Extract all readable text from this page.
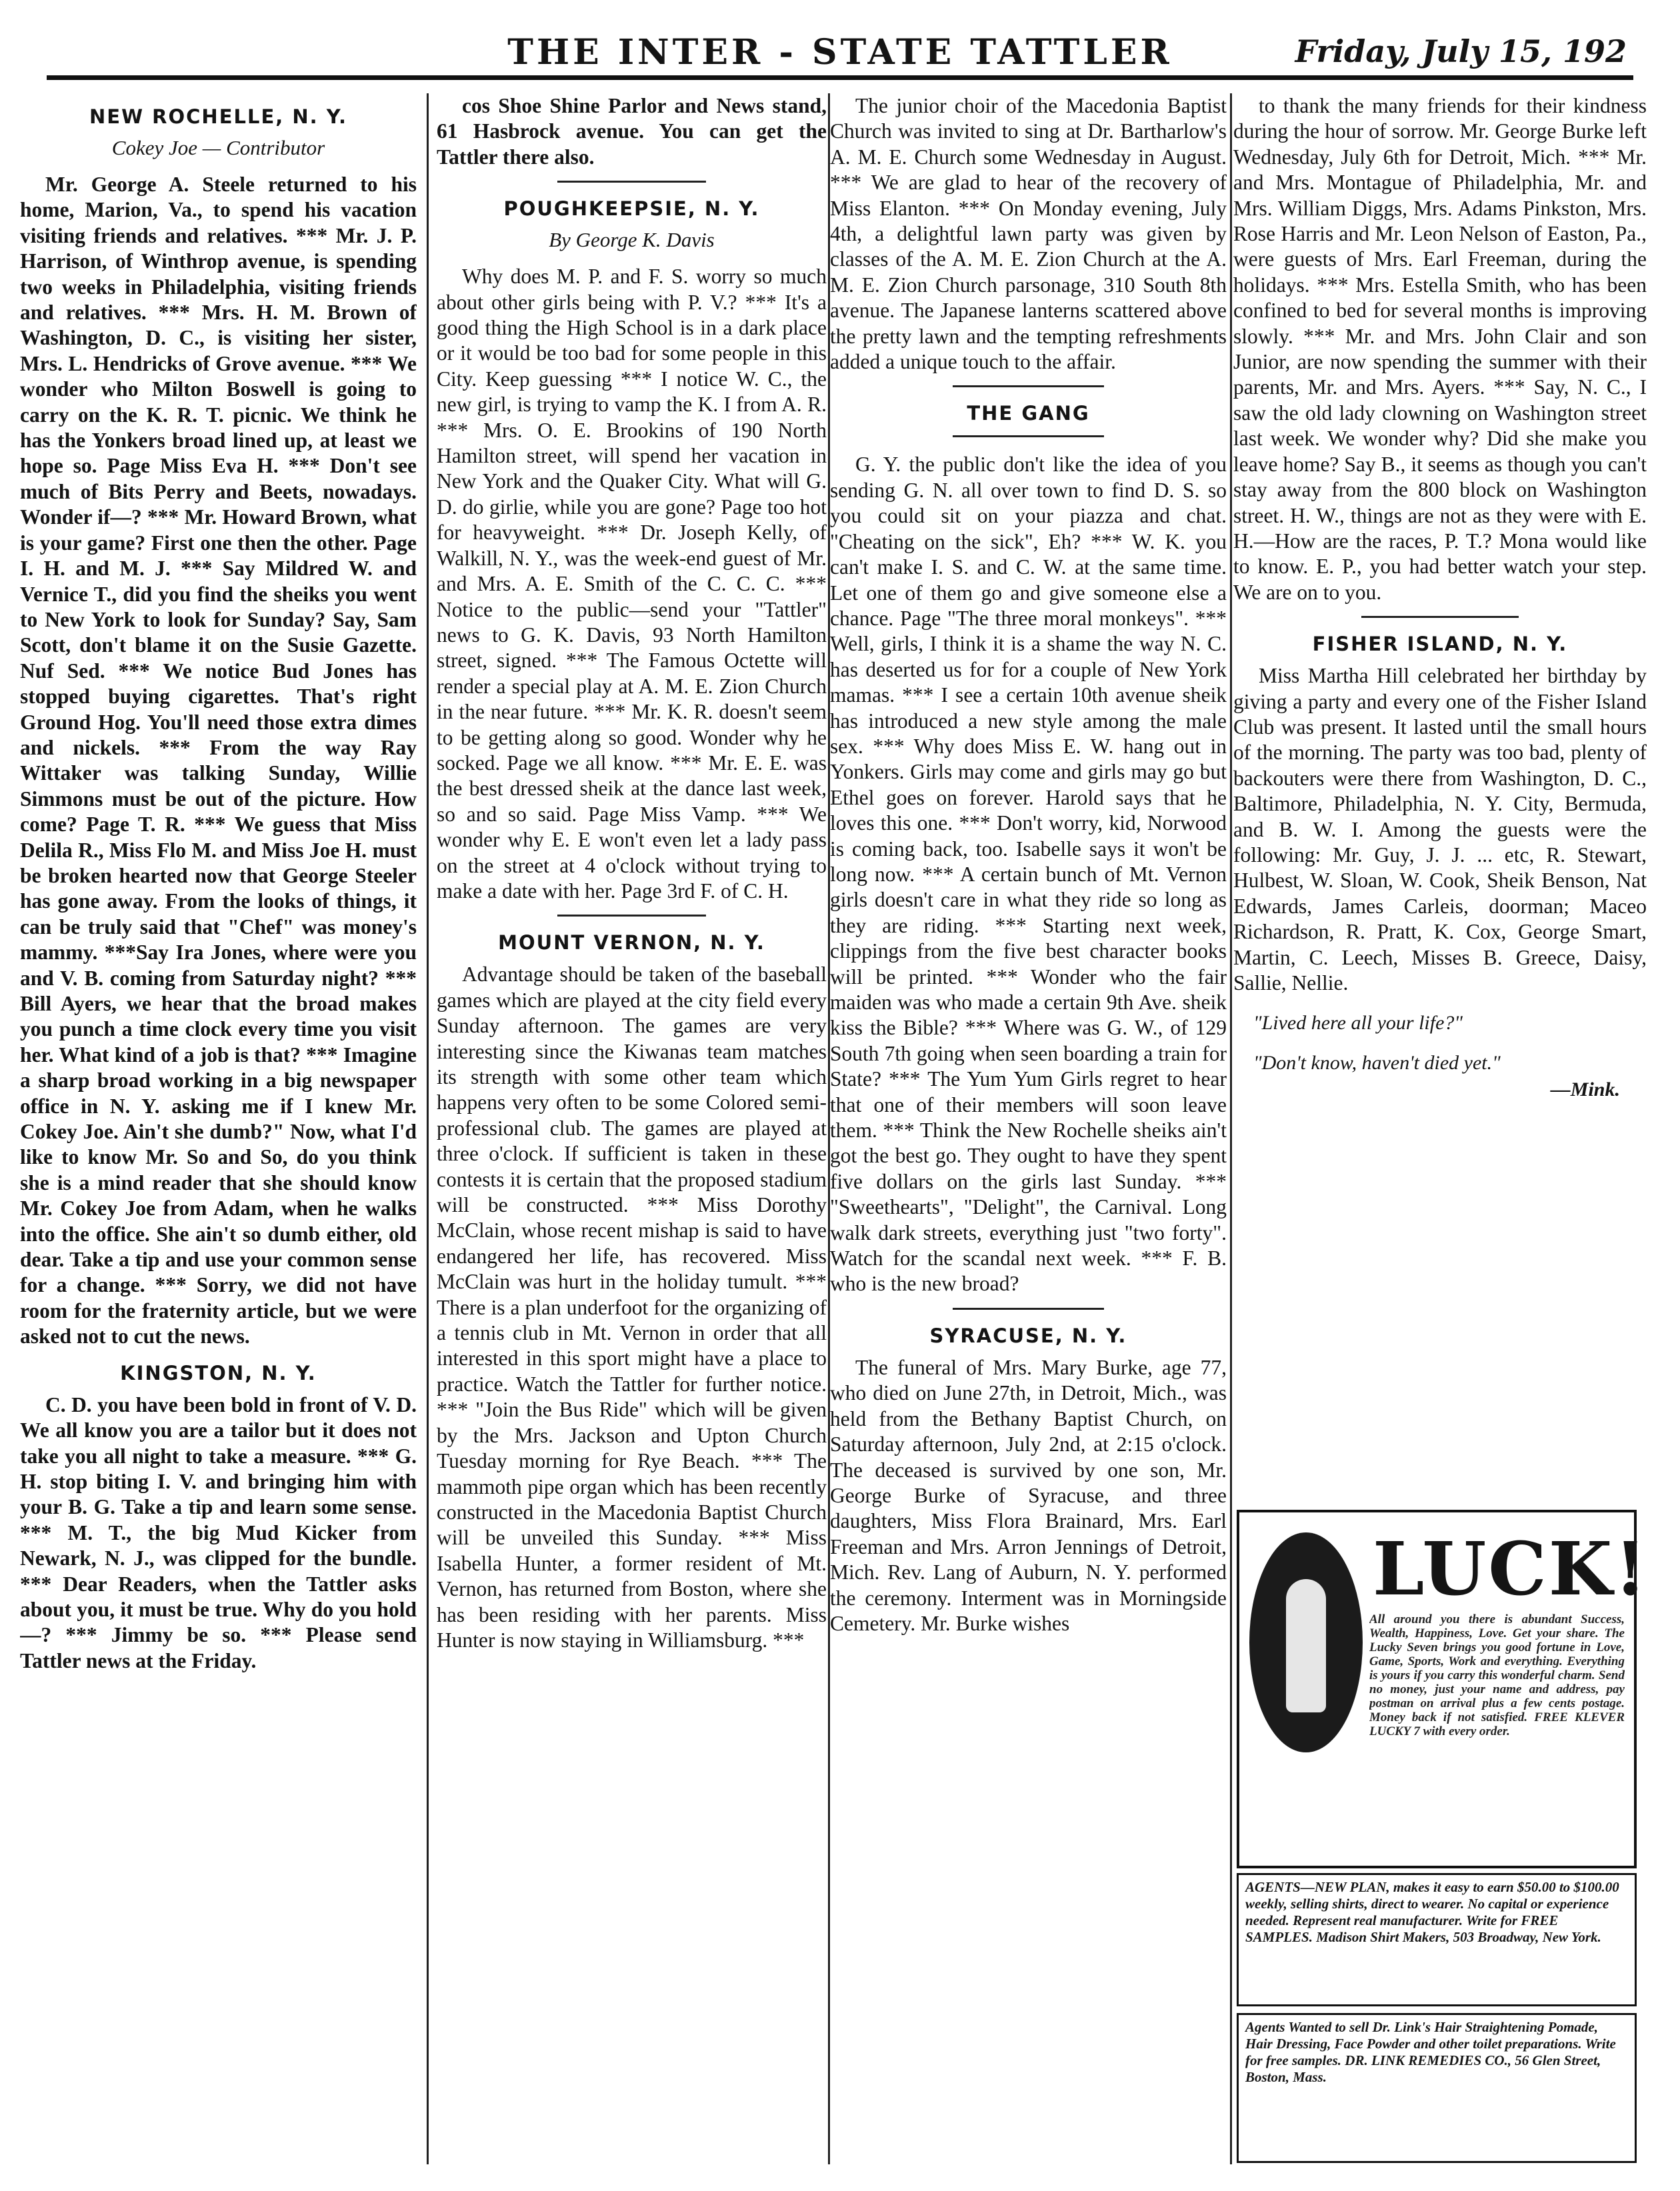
THE INTER - STATE TATTLER	Friday, July 15, 192
NEW ROCHELLE, N. Y.
Cokey Joe — Contributor

Mr. George A. Steele returned to his home, Marion, Va., to spend his vacation visiting friends and relatives. *** Mr. J. P. Harrison, of Winthrop avenue, is spending two weeks in Philadelphia, visiting friends and relatives. *** Mrs. H. M. Brown of Washington, D. C., is visiting her sister, Mrs. L. Hendricks of Grove avenue. *** We wonder who Milton Boswell is going to carry on the K. R. T. picnic. We think he has the Yonkers broad lined up, at least we hope so. Page Miss Eva H. *** Don't see much of Bits Perry and Beets, nowadays. Wonder if—? *** Mr. Howard Brown, what is your game? First one then the other. Page I. H. and M. J. *** Say Mildred W. and Vernice T., did you find the sheiks you went to New York to look for Sunday? Say, Sam Scott, don't blame it on the Susie Gazette. Nuf Sed. *** We notice Bud Jones has stopped buying cigarettes. That's right Ground Hog. You'll need those extra dimes and nickels. *** From the way Ray Wittaker was talking Sunday, Willie Simmons must be out of the picture. How come? Page T. R. *** We guess that Miss Delila R., Miss Flo M. and Miss Joe H. must be broken hearted now that George Steeler has gone away. From the looks of things, it can be truly said that "Chef" was money's mammy. ***Say Ira Jones, where were you and V. B. coming from Saturday night? *** Bill Ayers, we hear that the broad makes you punch a time clock every time you visit her. What kind of a job is that? *** Imagine a sharp broad working in a big newspaper office in N. Y. asking me if I knew Mr. Cokey Joe. Ain't she dumb?" Now, what I'd like to know Mr. So and So, do you think she is a mind reader that she should know Mr. Cokey Joe from Adam, when he walks into the office. She ain't so dumb either, old dear. Take a tip and use your common sense for a change. *** Sorry, we did not have room for the fraternity article, but we were asked not to cut the news.

KINGSTON, N. Y.

C. D. you have been bold in front of V. D. We all know you are a tailor but it does not take you all night to take a measure. *** G. H. stop biting I. V. and bringing him with your B. G. Take a tip and learn some sense. *** M. T., the big Mud Kicker from Newark, N. J., was clipped for the bundle. *** Dear Readers, when the Tattler asks about you, it must be true. Why do you hold—? *** Jimmy be so. *** Please send Tattler news at the Friday.

cos Shoe Shine Parlor and News stand, 61 Hasbrock avenue. You can get the Tattler there also.

POUGHKEEPSIE, N. Y.
By George K. Davis

Why does M. P. and F. S. worry so much about other girls being with P. V.? *** It's a good thing the High School is in a dark place or it would be too bad for some people in this City. Keep guessing *** I notice W. C., the new girl, is trying to vamp the K. I from A. R. *** Mrs. O. E. Brookins of 190 North Hamilton street, will spend her vacation in New York and the Quaker City. What will G. D. do girlie, while you are gone? Page too hot for heavyweight. *** Dr. Joseph Kelly, of Walkill, N. Y., was the week-end guest of Mr. and Mrs. A. E. Smith of the C. C. C. *** Notice to the public—send your "Tattler" news to G. K. Davis, 93 North Hamilton street, signed. *** The Famous Octette will render a special play at A. M. E. Zion Church in the near future. *** Mr. K. R. doesn't seem to be getting along so good. Wonder why he socked. Page we all know. *** Mr. E. E. was the best dressed sheik at the dance last week, so and so said. Page Miss Vamp. *** We wonder why E. E won't even let a lady pass on the street at 4 o'clock without trying to make a date with her. Page 3rd F. of C. H.

MOUNT VERNON, N. Y.

Advantage should be taken of the baseball games which are played at the city field every Sunday afternoon. The games are very interesting since the Kiwanas team matches its strength with some other team which happens very often to be some Colored semi-professional club. The games are played at three o'clock. If sufficient is taken in these contests it is certain that the proposed stadium will be constructed. *** Miss Dorothy McClain, whose recent mishap is said to have endangered her life, has recovered. Miss McClain was hurt in the holiday tumult. *** There is a plan underfoot for the organizing of a tennis club in Mt. Vernon in order that all interested in this sport might have a place to practice. Watch the Tattler for further notice. *** "Join the Bus Ride" which will be given by the Mrs. Jackson and Upton Church Tuesday morning for Rye Beach. *** The mammoth pipe organ which has been recently constructed in the Macedonia Baptist Church will be unveiled this Sunday. *** Miss Isabella Hunter, a former resident of Mt. Vernon, has returned from Boston, where she has been residing with her parents. Miss Hunter is now staying in Williamsburg. ***

The junior choir of the Macedonia Baptist Church was invited to sing at Dr. Bartharlow's A. M. E. Church some Wednesday in August. *** We are glad to hear of the recovery of Miss Elanton. *** On Monday evening, July 4th, a delightful lawn party was given by classes of the A. M. E. Zion Church at the A. M. E. Zion Church parsonage, 310 South 8th avenue. The Japanese lanterns scattered above the pretty lawn and the tempting refreshments added a unique touch to the affair.

THE GANG

G. Y. the public don't like the idea of you sending G. N. all over town to find D. S. so you could sit on your piazza and chat. "Cheating on the sick", Eh? *** W. K. you can't make I. S. and C. W. at the same time. Let one of them go and give someone else a chance. Page "The three moral monkeys". *** Well, girls, I think it is a shame the way N. C. has deserted us for for a couple of New York mamas. *** I see a certain 10th avenue sheik has introduced a new style among the male sex. *** Why does Miss E. W. hang out in Yonkers. Girls may come and girls may go but Ethel goes on forever. Harold says that he loves this one. *** Don't worry, kid, Norwood is coming back, too. Isabelle says it won't be long now. *** A certain bunch of Mt. Vernon girls doesn't care in what they ride so long as they are riding. *** Starting next week, clippings from the five best character books will be printed. *** Wonder who the fair maiden was who made a certain 9th Ave. sheik kiss the Bible? *** Where was G. W., of 129 South 7th going when seen boarding a train for State? *** The Yum Yum Girls regret to hear that one of their members will soon leave them. *** Think the New Rochelle sheiks ain't got the best go. They ought to have they spent five dollars on the girls last Sunday. *** "Sweethearts", "Delight", the Carnival. Long walk dark streets, everything just "two forty". Watch for the scandal next week. *** F. B. who is the new broad?

SYRACUSE, N. Y.

The funeral of Mrs. Mary Burke, age 77, who died on June 27th, in Detroit, Mich., was held from the Bethany Baptist Church, on Saturday afternoon, July 2nd, at 2:15 o'clock. The deceased is survived by one son, Mr. George Burke of Syracuse, and three daughters, Miss Flora Brainard, Mrs. Earl Freeman and Mrs. Arron Jennings of Detroit, Mich. Rev. Lang of Auburn, N. Y. performed the ceremony. Interment was in Morningside Cemetery. Mr. Burke wishes

to thank the many friends for their kindness during the hour of sorrow. Mr. George Burke left Wednesday, July 6th for Detroit, Mich. *** Mr. and Mrs. Montague of Philadelphia, Mr. and Mrs. William Diggs, Mrs. Adams Pinkston, Mrs. Rose Harris and Mr. Leon Nelson of Easton, Pa., were guests of Mrs. Earl Freeman, during the holidays. *** Mrs. Estella Smith, who has been confined to bed for several months is improving slowly. *** Mr. and Mrs. John Clair and son Junior, are now spending the summer with their parents, Mr. and Mrs. Ayers. *** Say, N. C., I saw the old lady clowning on Washington street last week. We wonder why? Did she make you leave home? Say B., it seems as though you can't stay away from the 800 block on Washington street. H. W., things are not as they were with E. H.—How are the races, P. T.? Mona would like to know. E. P., you had better watch your step. We are on to you.

FISHER ISLAND, N. Y.

Miss Martha Hill celebrated her birthday by giving a party and every one of the Fisher Island Club was present. It lasted until the small hours of the morning. The party was too bad, plenty of backouters were there from Washington, D. C., Baltimore, Philadelphia, N. Y. City, Bermuda, and B. W. I. Among the guests were the following: Mr. Guy, J. J. ... etc, R. Stewart, Hulbest, W. Sloan, W. Cook, Sheik Benson, Nat Edwards, James Carleis, doorman; Maceo Richardson, R. Pratt, K. Cox, George Smart, Martin, C. Leech, Misses B. Greece, Daisy, Sallie, Nellie.

"Lived here all your life?"
"Don't know, haven't died yet."
—Mink.
LUCK!
All around you there is abundant Success, Wealth, Happiness, Love. Get your share. The Lucky Seven brings you good fortune in Love, Game, Sports, Work and everything. Everything is yours if you carry this wonderful charm. Send no money, just your name and address, pay postman on arrival plus a few cents postage. Money back if not satisfied. FREE KLEVER LUCKY 7 with every order.
AGENTS—NEW PLAN, makes it easy to earn $50.00 to $100.00 weekly, selling shirts, direct to wearer. No capital or experience needed. Represent real manufacturer. Write for FREE SAMPLES. Madison Shirt Makers, 503 Broadway, New York.
Agents Wanted to sell Dr. Link's Hair Straightening Pomade, Hair Dressing, Face Powder and other toilet preparations. Write for free samples. DR. LINK REMEDIES CO., 56 Glen Street, Boston, Mass.
